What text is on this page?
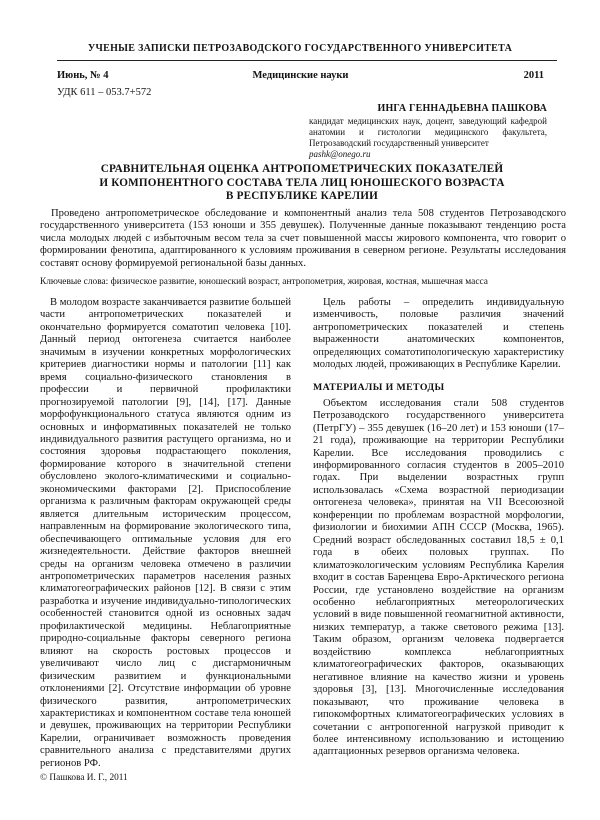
УЧЕНЫЕ ЗАПИСКИ ПЕТРОЗАВОДСКОГО ГОСУДАРСТВЕННОГО УНИВЕРСИТЕТА
Июнь, № 4	Медицинские науки	2011
УДК 611 – 053.7+572
ИНГА ГЕННАДЬЕВНА ПАШКОВА
кандидат медицинских наук, доцент, заведующий кафедрой анатомии и гистологии медицинского факультета, Петрозаводский государственный университет
pashk@onego.ru
СРАВНИТЕЛЬНАЯ ОЦЕНКА АНТРОПОМЕТРИЧЕСКИХ ПОКАЗАТЕЛЕЙ
И КОМПОНЕНТНОГО СОСТАВА ТЕЛА ЛИЦ ЮНОШЕСКОГО ВОЗРАСТА
В РЕСПУБЛИКЕ КАРЕЛИИ

Проведено антропометрическое обследование и компонентный анализ тела 508 студентов Петрозаводского государственного университета (153 юноши и 355 девушек). Полученные данные показывают тенденцию роста числа молодых людей с избыточным весом тела за счет повышенной массы жирового компонента, что говорит о формировании фенотипа, адаптированного к условиям проживания в северном регионе. Результаты исследования составят основу формируемой региональной базы данных.

Ключевые слова: физическое развитие, юношеский возраст, антропометрия, жировая, костная, мышечная масса

В молодом возрасте заканчивается развитие большей части антропометрических показателей и окончательно формируется соматотип человека [10]. Данный период онтогенеза считается наиболее значимым в изучении конкретных морфологических критериев диагностики нормы и патологии [11] как время социально-физического становления в профессии и первичной профилактики прогнозируемой патологии [9], [14], [17]. Данные морфофункционального статуса являются одним из основных и информативных показателей не только индивидуального развития растущего организма, но и состояния здоровья подрастающего поколения, формирование которого в значительной степени обусловлено эколого-климатическими и социально-экономическими факторами [2]. Приспособление организма к различным факторам окружающей среды является длительным историческим процессом, направленным на формирование экологического типа, обеспечивающего оптимальные условия для его жизнедеятельности. Действие факторов внешней среды на организм человека отмечено в различии антропометрических параметров населения разных климатогеографических районов [12]. В связи с этим разработка и изучение индивидуально-типологических особенностей становится одной из основных задач профилактической медицины. Неблагоприятные природно-социальные факторы северного региона влияют на скорость ростовых процессов и увеличивают число лиц с дисгармоничным физическим развитием и функциональными отклонениями [2]. Отсутствие информации об уровне физического развития, антропометрических характеристиках и компонентном составе тела юношей и девушек, проживающих на территории Республики Карелии, ограничивает возможность проведения сравнительного анализа с представителями других регионов РФ.

© Пашкова И. Г., 2011

Цель работы – определить индивидуальную изменчивость, половые различия значений антропометрических показателей и степень выраженности анатомических компонентов, определяющих соматотипологическую характеристику молодых людей, проживающих в Республике Карелии.

МАТЕРИАЛЫ И МЕТОДЫ

Объектом исследования стали 508 студентов Петрозаводского государственного университета (ПетрГУ) – 355 девушек (16–20 лет) и 153 юноши (17–21 года), проживающие на территории Республики Карелии. Все исследования проводились с информированного согласия студентов в 2005–2010 годах. При выделении возрастных групп использовалась «Схема возрастной периодизации онтогенеза человека», принятая на VII Всесоюзной конференции по проблемам возрастной морфологии, физиологии и биохимии АПН СССР (Москва, 1965). Средний возраст обследованных составил 18,5 ± 0,1 года в обеих половых группах. По климатоэкологическим условиям Республика Карелия входит в состав Баренцева Евро-Арктического региона России, где установлено воздействие на организм особенно неблагоприятных метеорологических условий в виде повышенной геомагнитной активности, низких температур, а также светового режима [13]. Таким образом, организм человека подвергается воздействию комплекса неблагоприятных климатогеографических факторов, оказывающих негативное влияние на качество жизни и уровень здоровья [3], [13]. Многочисленные исследования показывают, что проживание человека в гипокомфортных климатогеографических условиях в сочетании с антропогенной нагрузкой приводит к более интенсивному использованию и истощению адаптационных резервов организма человека.
